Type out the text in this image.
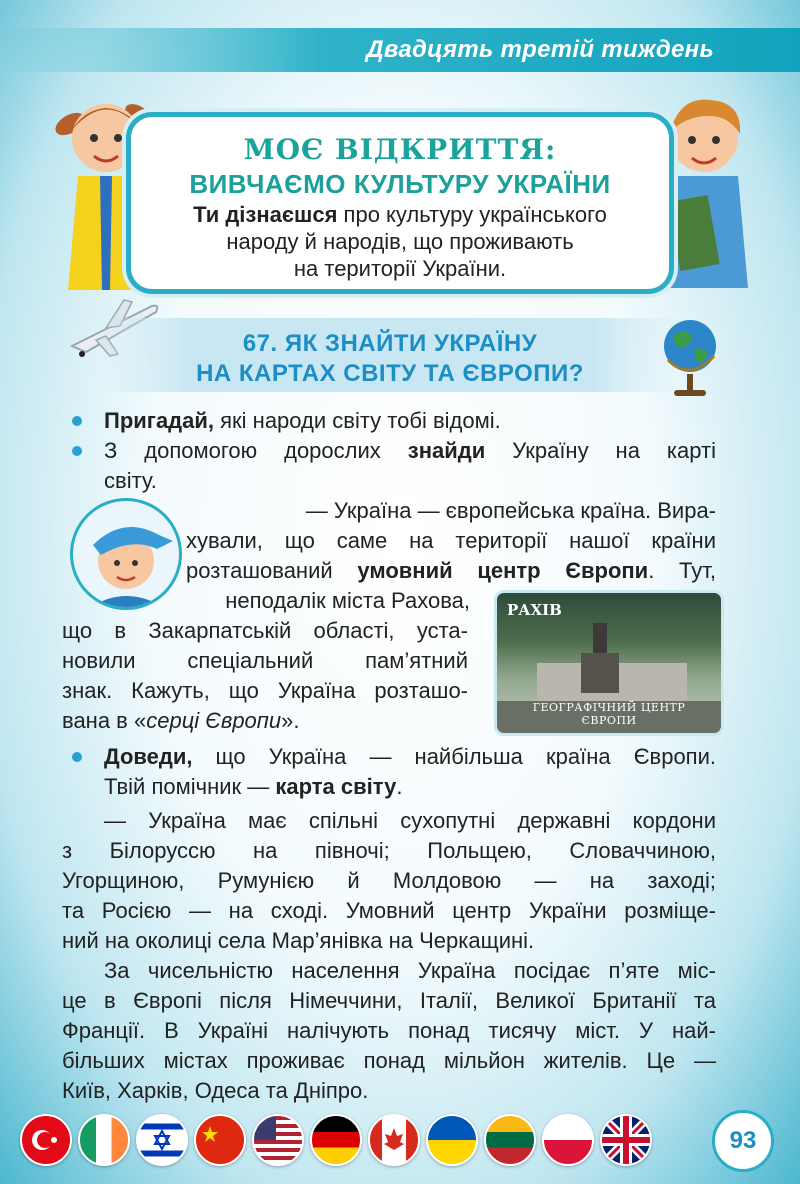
Двадцять третій тиждень
МОЄ ВІДКРИТТЯ:
ВИВЧАЄМО КУЛЬТУРУ УКРАЇНИ
Ти дізнаєшся про культуру українського
народу й народів, що проживають
на території України.
67. ЯК ЗНАЙТИ УКРАЇНУ
НА КАРТАХ СВІТУ ТА ЄВРОПИ?
Пригадай, які народи світу тобі відомі.
З допомогою дорослих знайди Україну на карті
світу.
— Україна — європейська країна. Вира-
хували, що саме на території нашої країни
розташований умовний центр Європи. Тут,
неподалік міста Рахова,
що в Закарпатській області, уста-
новили спеціальний пам’ятний
знак. Кажуть, що Україна розташо-
вана в «серці Європи».
РАХІВ
ГЕОГРАФІЧНИЙ ЦЕНТР ЄВРОПИ
Доведи, що Україна — найбільша країна Європи.
Твій помічник — карта світу.
— Україна має спільні сухопутні державні кордони
з Білоруссю на півночі; Польщею, Словаччиною,
Угорщиною, Румунією й Молдовою — на заході;
та Росією — на сході. Умовний центр України розміще-
ний на околиці села Мар’янівка на Черкащині.
За чисельністю населення Україна посідає п’яте міс-
це в Європі після Німеччини, Італії, Великої Британії та
Франції. В Україні налічують понад тисячу міст. У най-
більших містах проживає понад мільйон жителів. Це —
Київ, Харків, Одеса та Дніпро.
93
